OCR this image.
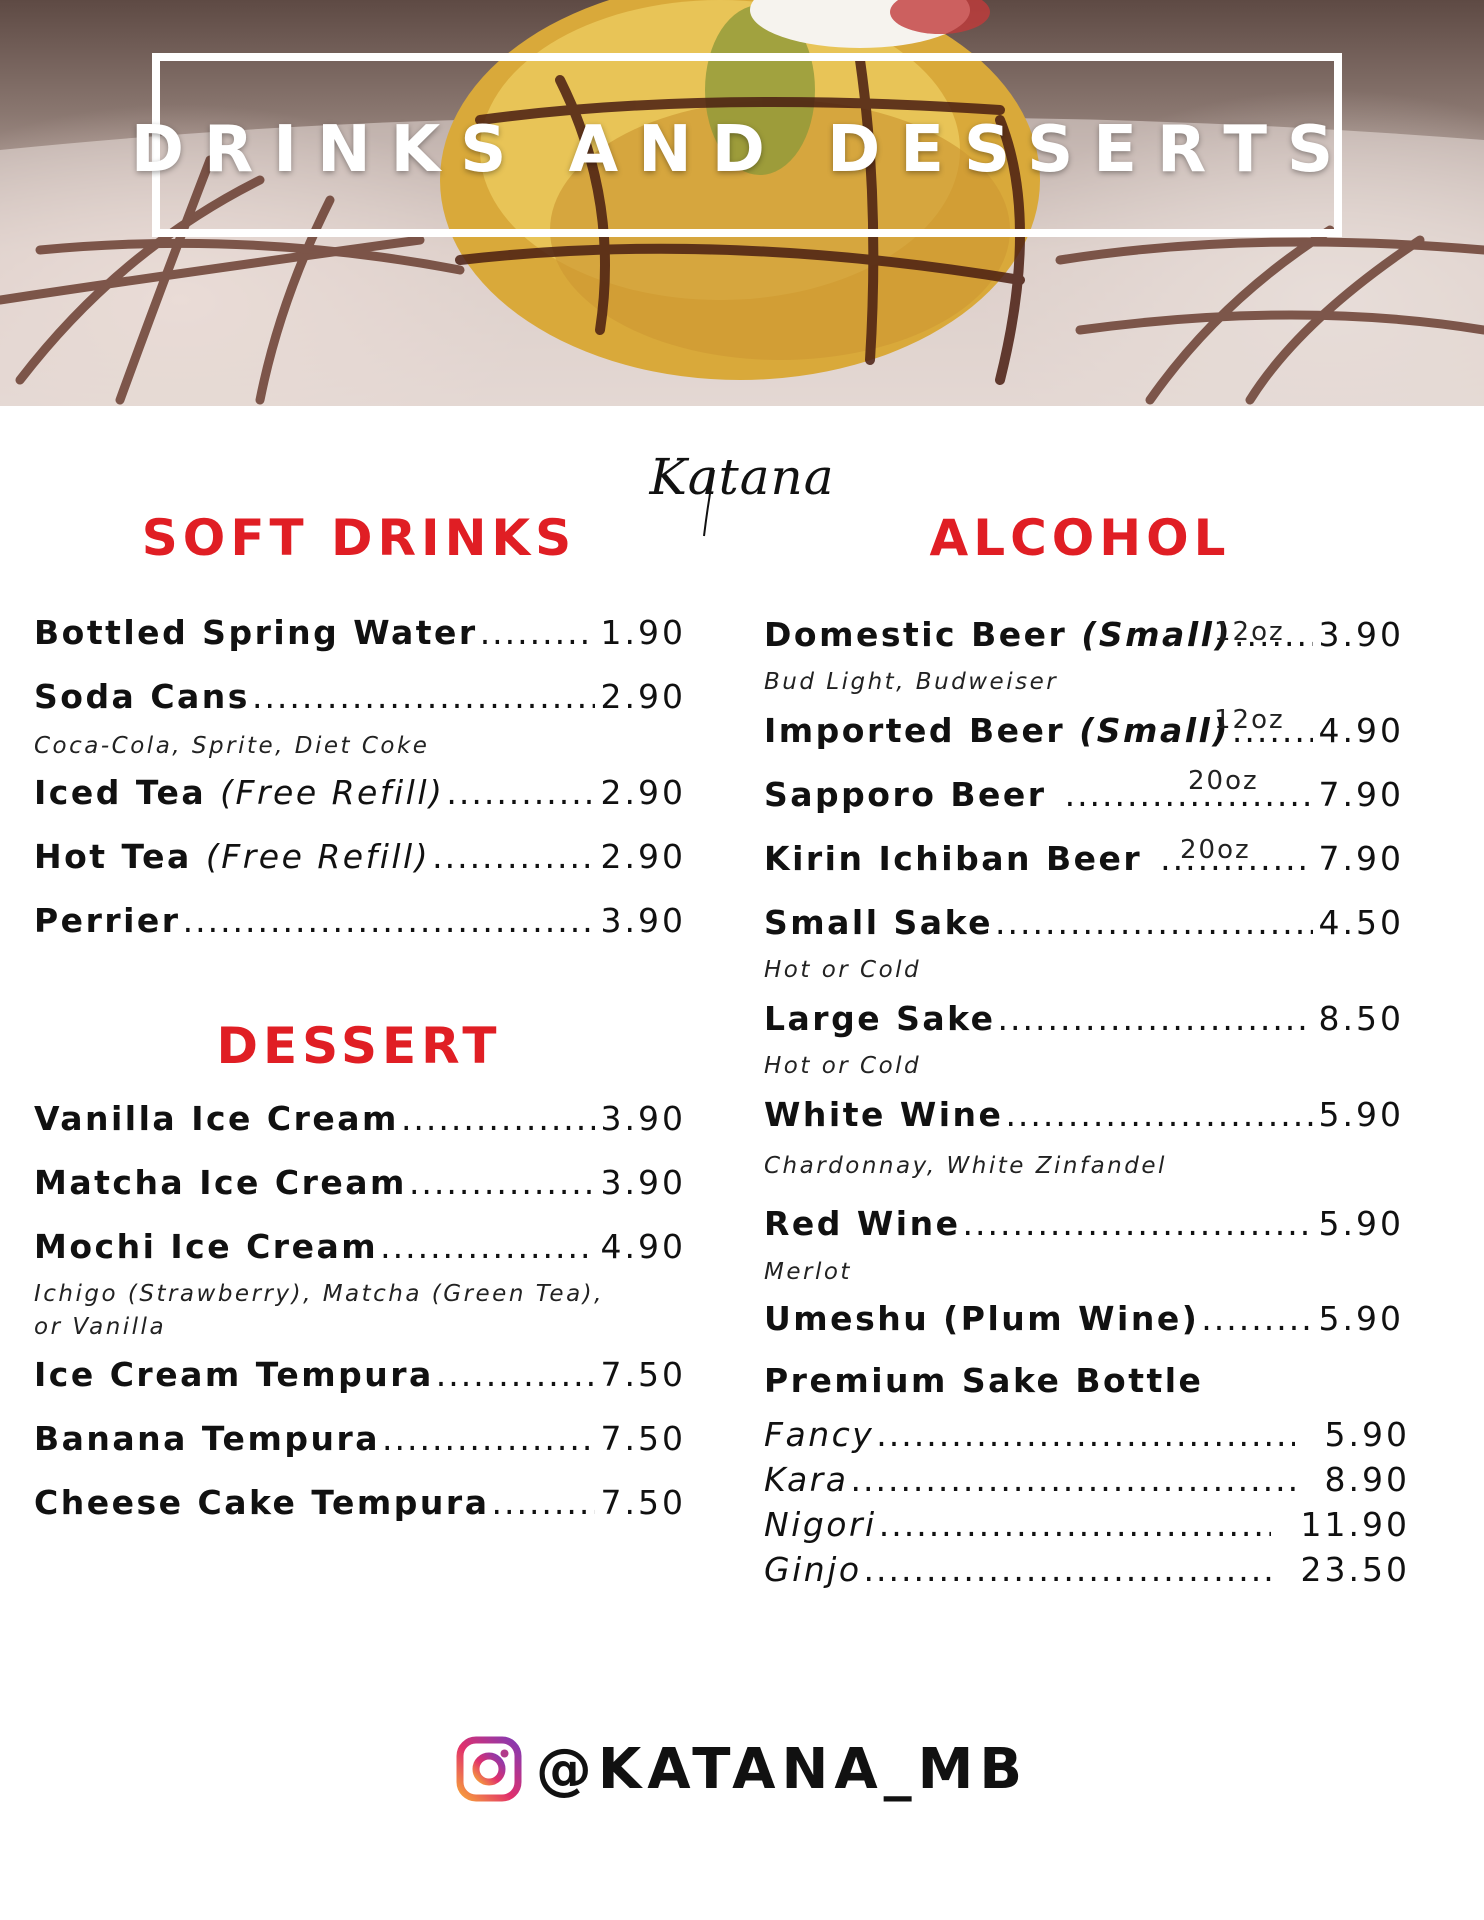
DRINKS AND DESSERTS
Katana
SOFT DRINKS
Bottled Spring Water .....	1.90
Soda Cans .....	2.90
Coca-Cola, Sprite, Diet Coke
Iced Tea (Free Refill) .....	2.90
Hot Tea (Free Refill) .....	2.90
Perrier .....	3.90
DESSERT
Vanilla Ice Cream .....	3.90
Matcha Ice Cream .....	3.90
Mochi Ice Cream .....	4.90
Ichigo (Strawberry), Matcha (Green Tea),
or Vanilla
Ice Cream Tempura .....	7.50
Banana Tempura .....	7.50
Cheese Cake Tempura .....	7.50
ALCOHOL
Domestic Beer (Small) .....	3.90
12oz
Bud Light, Budweiser
Imported Beer (Small) .....	4.90
12oz
Sapporo Beer .....	7.90
20oz
Kirin Ichiban Beer .....	7.90
20oz
Small Sake .....	4.50
Hot or Cold
Large Sake .....	8.50
Hot or Cold
White Wine .....	5.90
Chardonnay, White Zinfandel
Red Wine .....	5.90
Merlot
Umeshu (Plum Wine) .....	5.90
Premium Sake Bottle
Fancy .....	5.90
Kara .....	8.90
Nigori .....	11.90
Ginjo .....	23.50
@KATANA_MB
